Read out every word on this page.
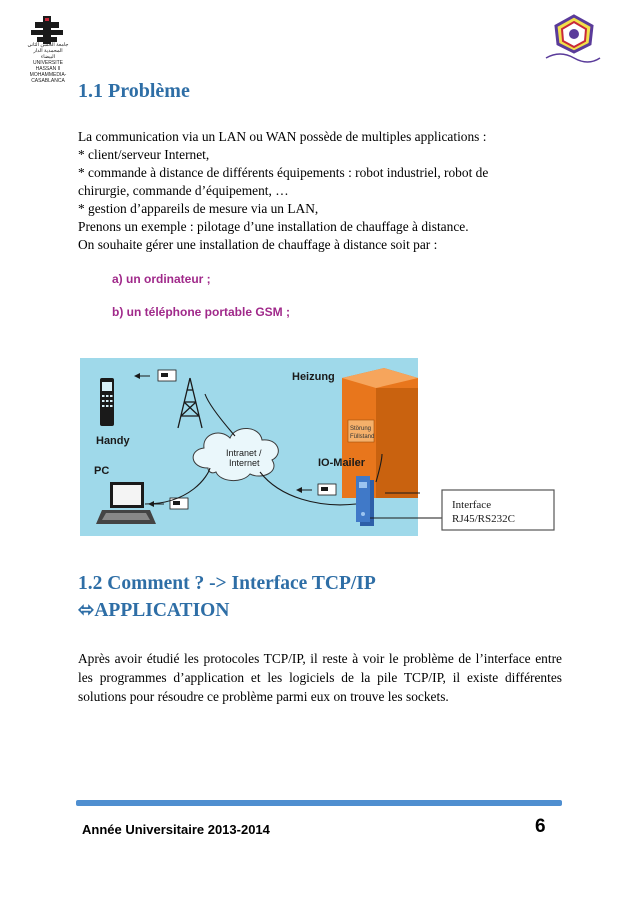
جامعة الحسن الثاني المحمدية الدار البيضاء UNIVERSITE HASSAN II MOHAMMEDIA-CASABLANCA 1.1 Problème

La communication via un LAN ou WAN possède de multiples applications :

* client/serveur Internet,

* commande à distance de différents équipements : robot industriel, robot de

chirurgie, commande d’équipement, …

* gestion d’appareils de mesure via un LAN,

Prenons un exemple : pilotage d’une installation de chauffage à distance.

On souhaite gérer une installation de chauffage à distance soit par :

a) un ordinateur ;
b) un téléphone portable GSM ;
Störung
Füllstand
Heizung
Handy
Intranet /
Internet
PC
IO-Mailer
Interface
RJ45/RS232C
1.2 Comment ? -> Interface TCP/IP
⬄APPLICATION
Après avoir étudié les protocoles TCP/IP, il reste à voir le problème de l’interface entre les programmes d’application et les logiciels de la pile TCP/IP, il existe différentes solutions pour résoudre ce problème parmi eux on trouve les sockets.
Année Universitaire 2013-2014	6
